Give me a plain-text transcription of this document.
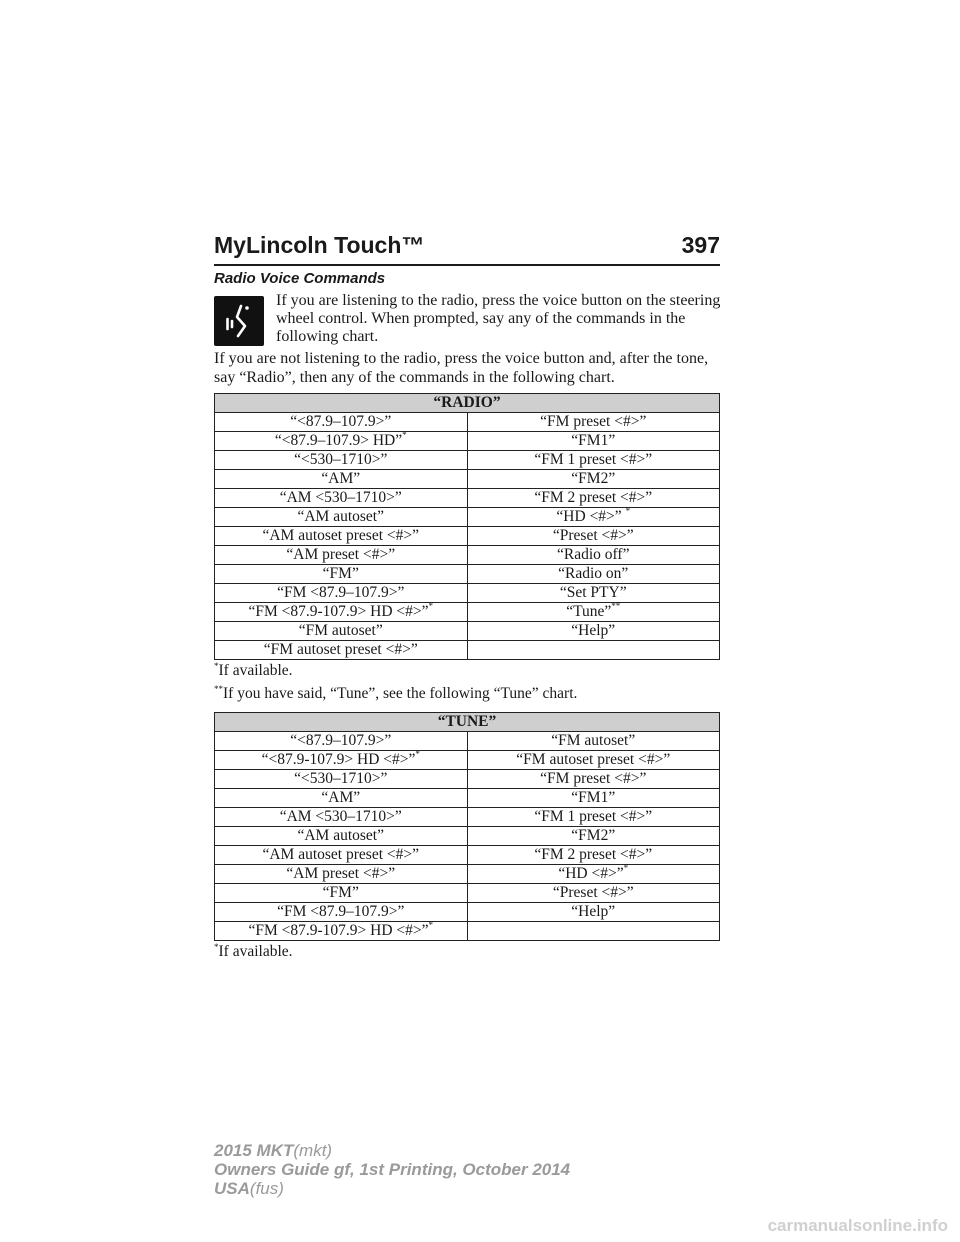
MyLincoln Touch™	397
Radio Voice Commands
If you are listening to the radio, press the voice button on the steering wheel control. When prompted, say any of the commands in the following chart.
If you are not listening to the radio, press the voice button and, after the tone, say “Radio”, then any of the commands in the following chart.
“RADIO”	
“<87.9–107.9>”	“FM preset <#>”
“<87.9–107.9> HD”*	“FM1”
“<530–1710>”	“FM 1 preset <#>”
“AM”	“FM2”
“AM <530–1710>”	“FM 2 preset <#>”
“AM autoset”	“HD <#>” *
“AM autoset preset <#>”	“Preset <#>”
“AM preset <#>”	“Radio off”
“FM”	“Radio on”
“FM <87.9–107.9>”	“Set PTY”
“FM <87.9-107.9> HD <#>”*	“Tune”**
“FM autoset”	“Help”
“FM autoset preset <#>”	
*If available.
**If you have said, “Tune”, see the following “Tune” chart.
“TUNE”	
“<87.9–107.9>”	“FM autoset”
“<87.9-107.9> HD <#>”*	“FM autoset preset <#>”
“<530–1710>”	“FM preset <#>”
“AM”	“FM1”
“AM <530–1710>”	“FM 1 preset <#>”
“AM autoset”	“FM2”
“AM autoset preset <#>”	“FM 2 preset <#>”
“AM preset <#>”	“HD <#>”*
“FM”	“Preset <#>”
“FM <87.9–107.9>”	“Help”
“FM <87.9-107.9> HD <#>”*	
*If available.
2015 MKT(mkt)
Owners Guide gf, 1st Printing, October 2014
USA(fus)
carmanualsonline.info
